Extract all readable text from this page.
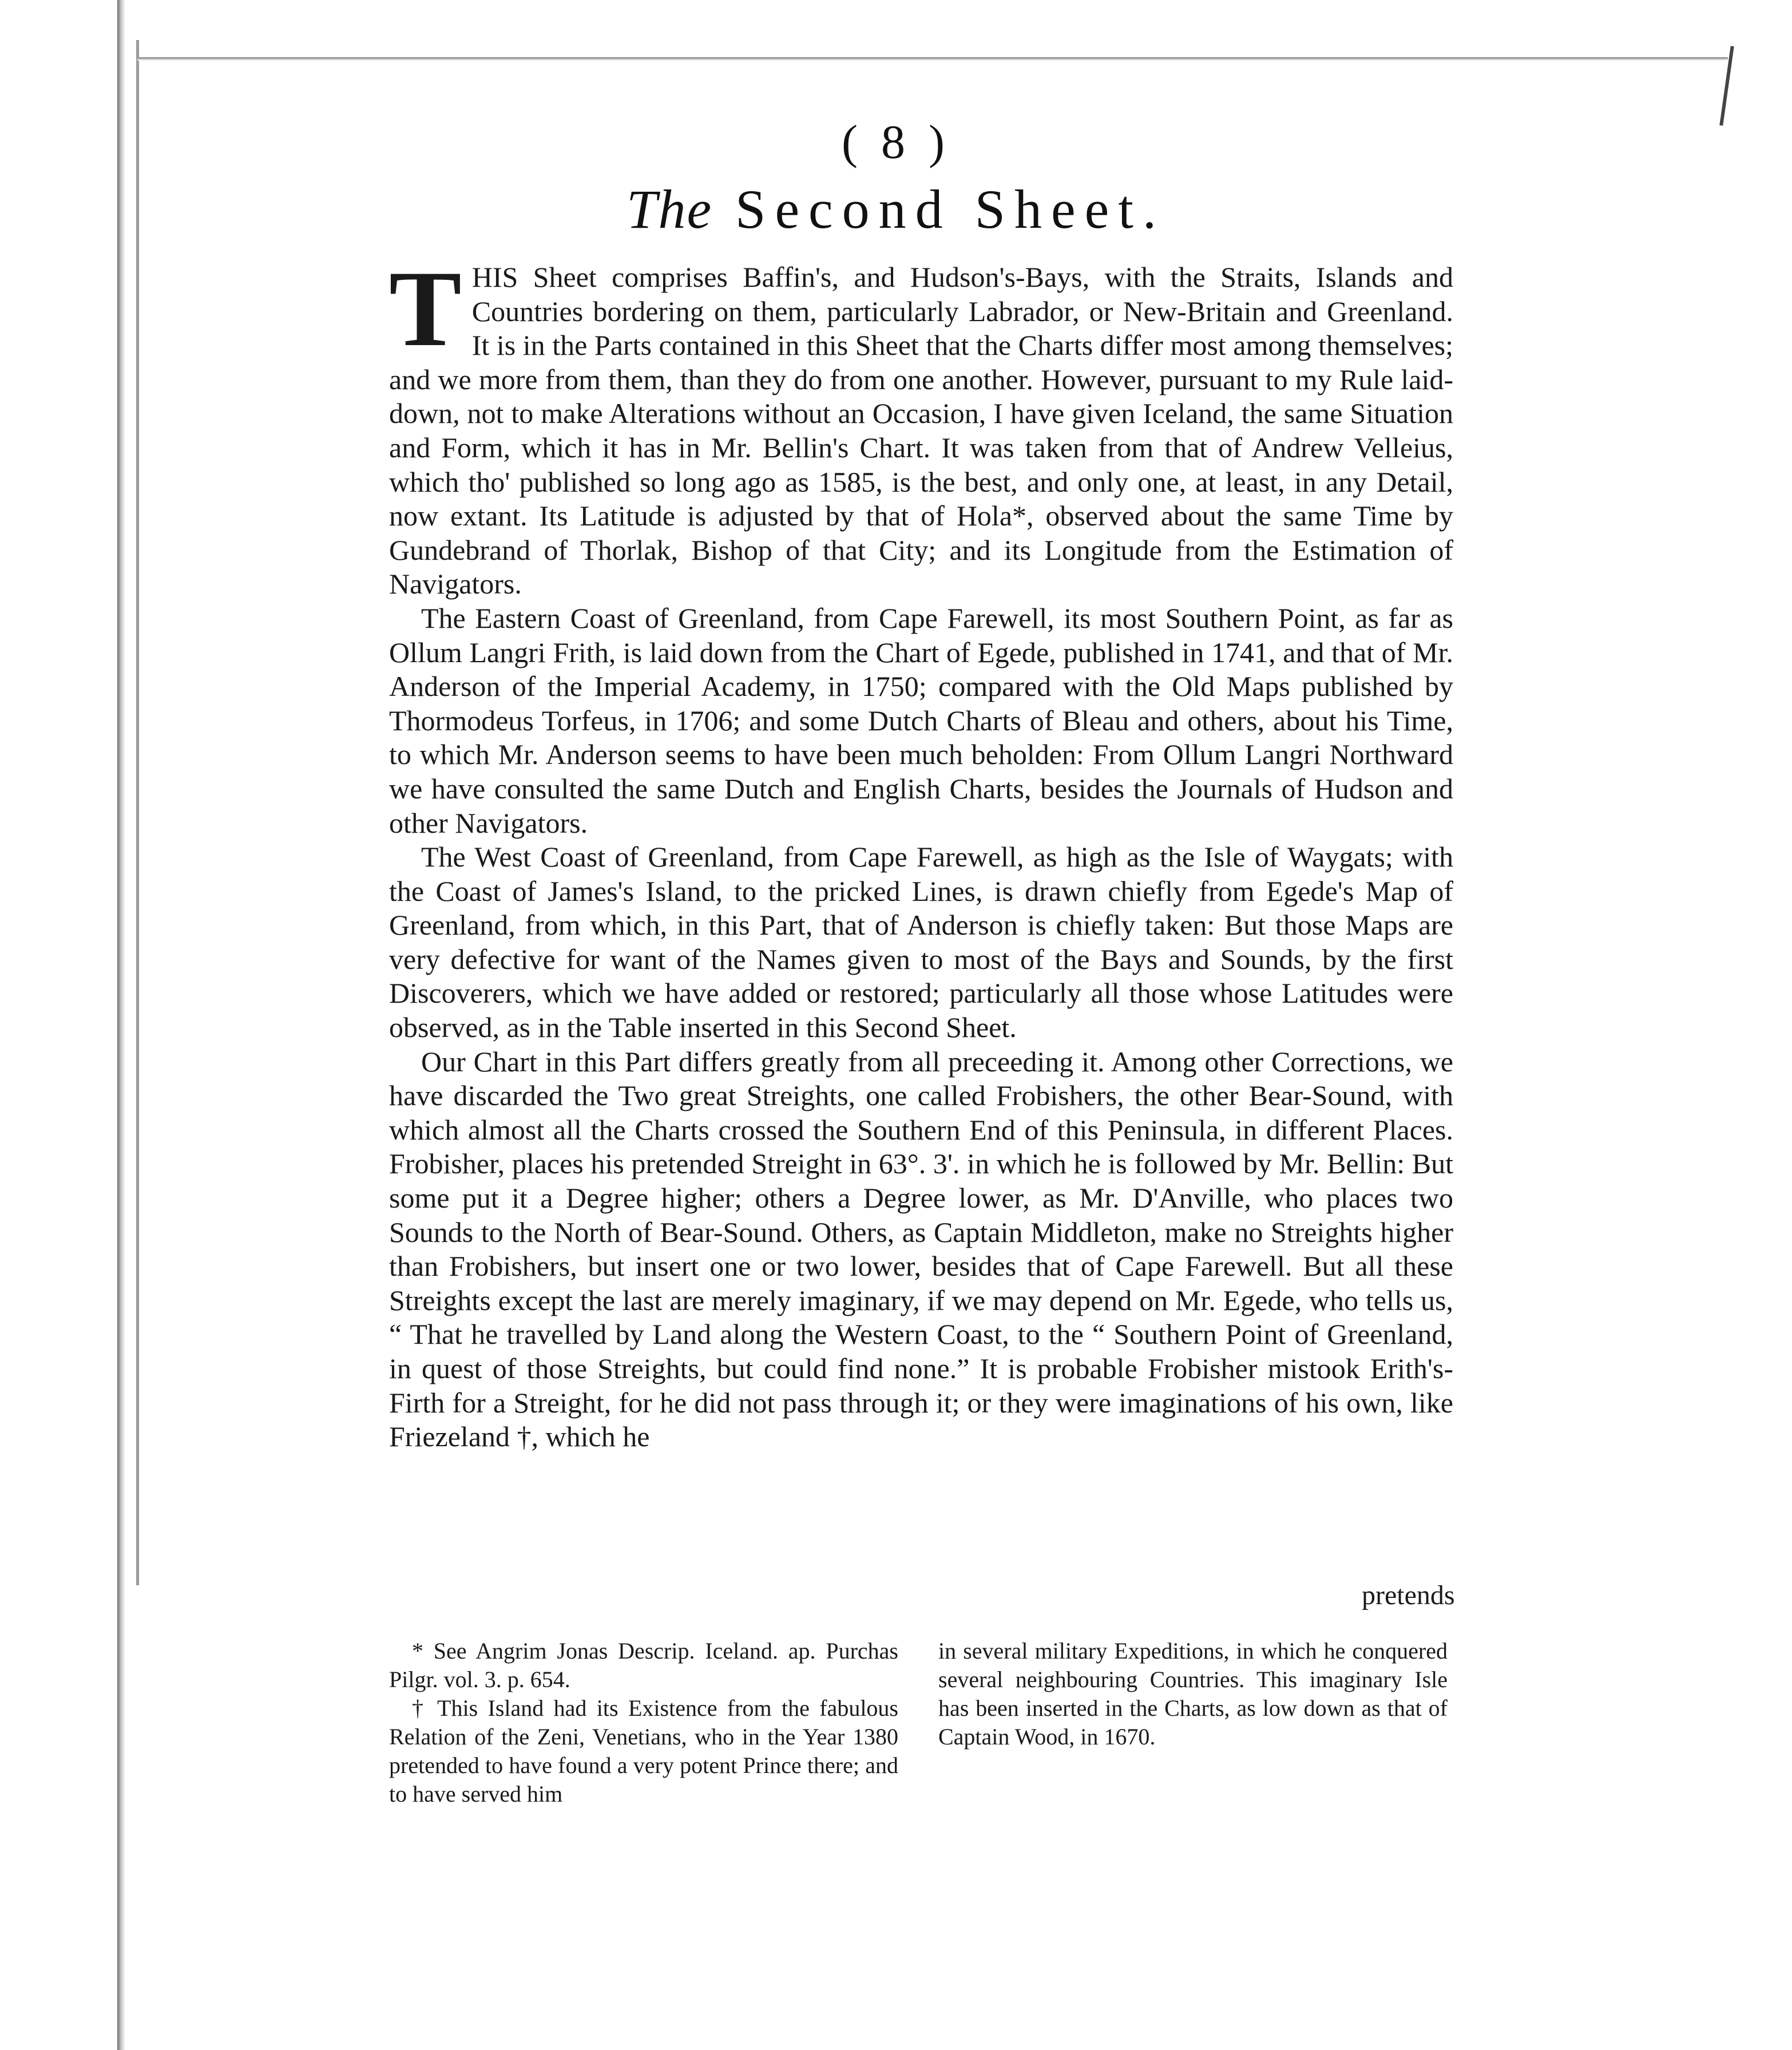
( 8 )
The Second Sheet.

THIS Sheet comprises Baffin's, and Hudson's-Bays, with the Straits, Islands and Countries bordering on them, particularly Labrador, or New-Britain and Greenland. It is in the Parts contained in this Sheet that the Charts differ most among themselves; and we more from them, than they do from one another. However, pursuant to my Rule laid-down, not to make Alterations without an Occasion, I have given Iceland, the same Situation and Form, which it has in Mr. Bellin's Chart. It was taken from that of Andrew Velleius, which tho' published so long ago as 1585, is the best, and only one, at least, in any Detail, now extant. Its Latitude is adjusted by that of Hola*, observed about the same Time by Gundebrand of Thorlak, Bishop of that City; and its Longitude from the Estimation of Navigators.

The Eastern Coast of Greenland, from Cape Farewell, its most Southern Point, as far as Ollum Langri Frith, is laid down from the Chart of Egede, published in 1741, and that of Mr. Anderson of the Imperial Academy, in 1750; compared with the Old Maps published by Thormodeus Torfeus, in 1706; and some Dutch Charts of Bleau and others, about his Time, to which Mr. Anderson seems to have been much beholden: From Ollum Langri Northward we have consulted the same Dutch and English Charts, besides the Journals of Hudson and other Navigators.

The West Coast of Greenland, from Cape Farewell, as high as the Isle of Waygats; with the Coast of James's Island, to the pricked Lines, is drawn chiefly from Egede's Map of Greenland, from which, in this Part, that of Anderson is chiefly taken: But those Maps are very defective for want of the Names given to most of the Bays and Sounds, by the first Discoverers, which we have added or restored; particularly all those whose Latitudes were observed, as in the Table inserted in this Second Sheet.

Our Chart in this Part differs greatly from all preceeding it. Among other Corrections, we have discarded the Two great Streights, one called Frobishers, the other Bear-Sound, with which almost all the Charts crossed the Southern End of this Peninsula, in different Places. Frobisher, places his pretended Streight in 63°. 3'. in which he is followed by Mr. Bellin: But some put it a Degree higher; others a Degree lower, as Mr. D'Anville, who places two Sounds to the North of Bear-Sound. Others, as Captain Middleton, make no Streights higher than Frobishers, but insert one or two lower, besides that of Cape Farewell. But all these Streights except the last are merely imaginary, if we may depend on Mr. Egede, who tells us, “ That he travelled by Land along the Western Coast, to the “ Southern Point of Greenland, in quest of those Streights, but could find none.” It is probable Frobisher mistook Erith's-Firth for a Streight, for he did not pass through it; or they were imaginations of his own, like Friezeland †, which he

pretends

* See Angrim Jonas Descrip. Iceland. ap. Purchas Pilgr. vol. 3. p. 654.

† This Island had its Existence from the fabulous Relation of the Zeni, Venetians, who in the Year 1380 pretended to have found a very potent Prince there; and to have served him

in several military Expeditions, in which he conquered several neighbouring Countries. This imaginary Isle has been inserted in the Charts, as low down as that of Captain Wood, in 1670.
